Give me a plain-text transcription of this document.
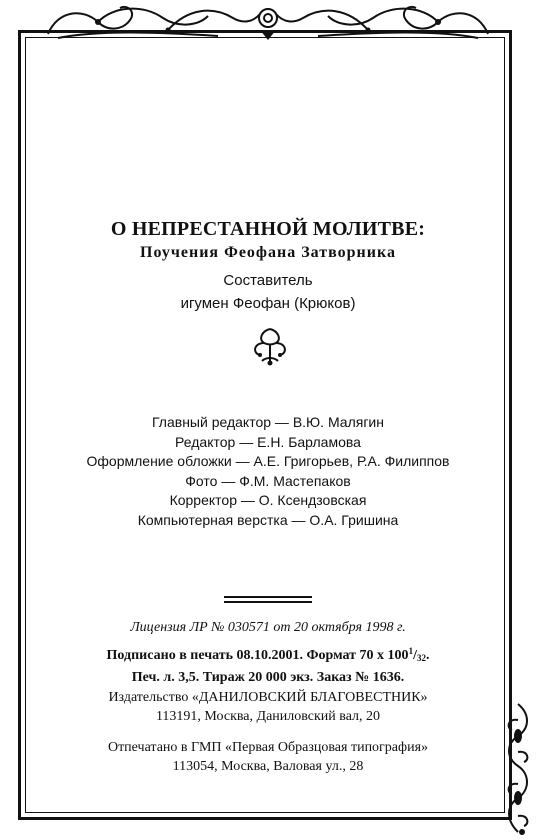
О НЕПРЕСТАННОЙ МОЛИТВЕ:
Поучения Феофана Затворника
Составитель
игумен Феофан (Крюков)
Главный редактор — В.Ю. Малягин
Редактор — Е.Н. Барламова
Оформление обложки — А.Е. Григорьев, Р.А. Филиппов
Фото — Ф.М. Мастепаков
Корректор — О. Ксендзовская
Компьютерная верстка — О.А. Гришина
Лицензия ЛР № 030571 от 20 октября 1998 г.
Подписано в печать 08.10.2001. Формат 70 x $100^1/_{32}$.
Печ. л. 3,5. Тираж 20 000 экз. Заказ № 1636.
Издательство «ДАНИЛОВСКИЙ БЛАГОВЕСТНИК»
113191, Москва, Даниловский вал, 20
Отпечатано в ГМП «Первая Образцовая типография»
113054, Москва, Валовая ул., 28
